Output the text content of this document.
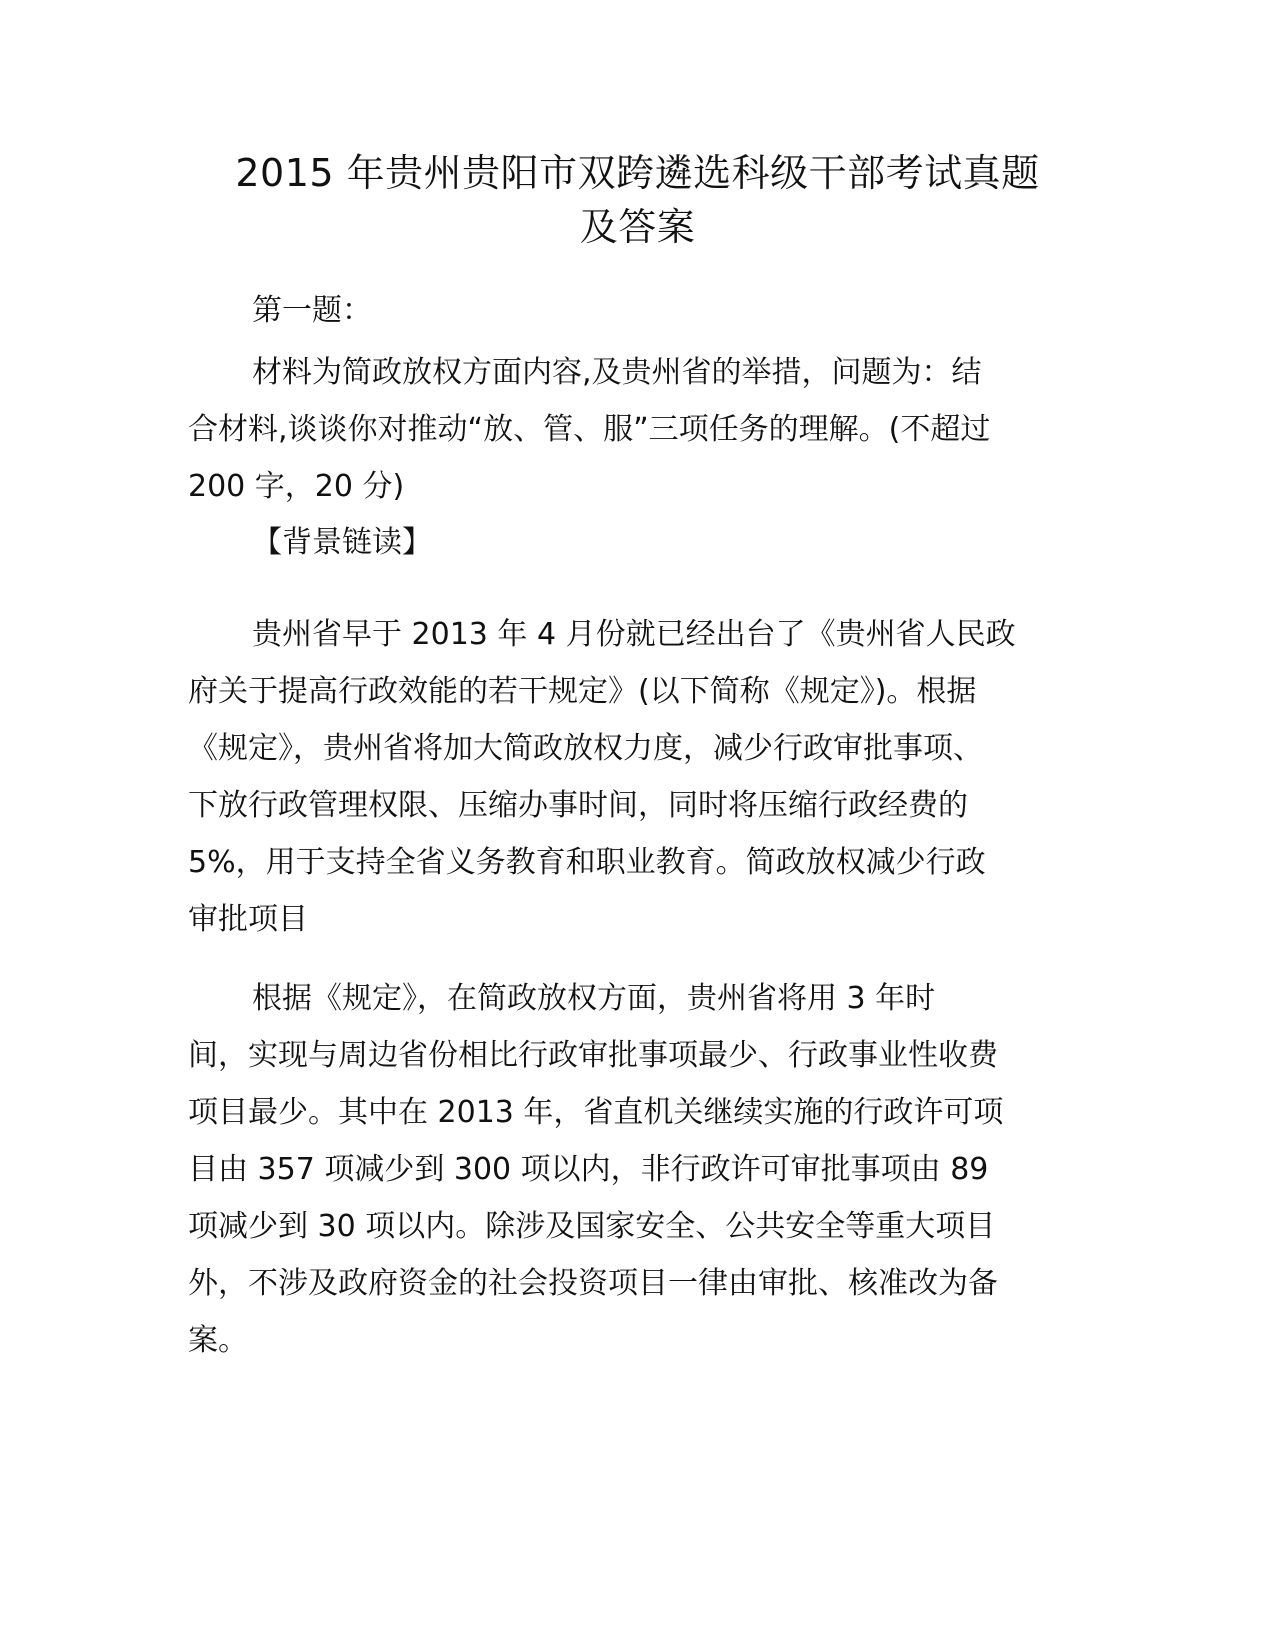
2015 年贵州贵阳市双跨遴选科级干部考试真题
及答案

第一题：

材料为简政放权方面内容,及贵州省的举措，问题为：结
合材料,谈谈你对推动“放、管、服”三项任务的理解。(不超过
200 字，20 分)

【背景链读】

贵州省早于 2013 年 4 月份就已经出台了《贵州省人民政
府关于提高行政效能的若干规定》(以下简称《规定》)。根据
《规定》，贵州省将加大简政放权力度，减少行政审批事项、
下放行政管理权限、压缩办事时间，同时将压缩行政经费的
5%，用于支持全省义务教育和职业教育。简政放权减少行政
审批项目

根据《规定》，在简政放权方面，贵州省将用 3 年时
间，实现与周边省份相比行政审批事项最少、行政事业性收费
项目最少。其中在 2013 年，省直机关继续实施的行政许可项
目由 357 项减少到 300 项以内，非行政许可审批事项由 89
项减少到 30 项以内。除涉及国家安全、公共安全等重大项目
外，不涉及政府资金的社会投资项目一律由审批、核准改为备
案。
